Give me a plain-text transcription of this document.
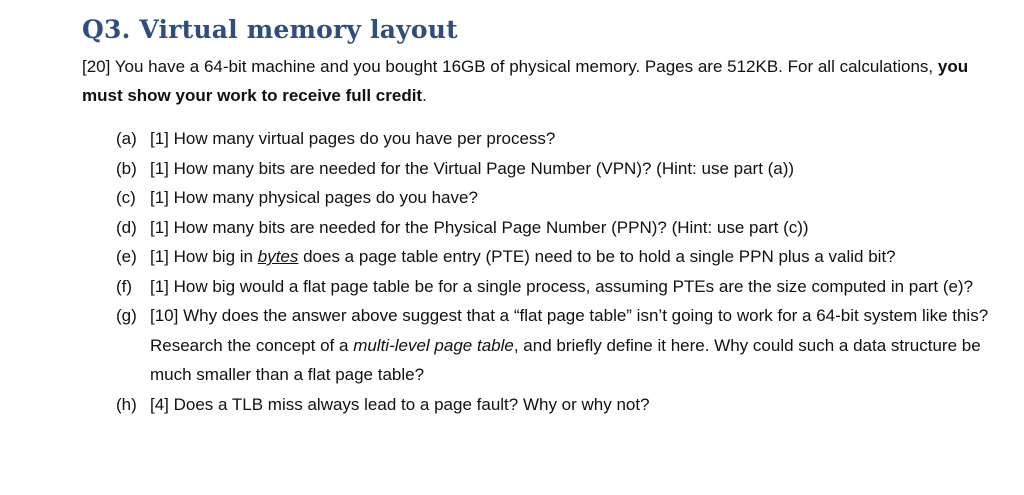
Q3. Virtual memory layout
[20] You have a 64-bit machine and you bought 16GB of physical memory. Pages are 512KB. For all calculations, you must show your work to receive full credit.
(a) [1] How many virtual pages do you have per process?
(b) [1] How many bits are needed for the Virtual Page Number (VPN)? (Hint: use part (a))
(c) [1] How many physical pages do you have?
(d) [1] How many bits are needed for the Physical Page Number (PPN)? (Hint: use part (c))
(e) [1] How big in bytes does a page table entry (PTE) need to be to hold a single PPN plus a valid bit?
(f)	[1] How big would a flat page table be for a single process, assuming PTEs are the size computed in part (e)?
(g) [10] Why does the answer above suggest that a “flat page table” isn’t going to work for a 64-bit system like this? Research the concept of a multi-level page table, and briefly define it here. Why could such a data structure be much smaller than a flat page table?
(h) [4] Does a TLB miss always lead to a page fault? Why or why not?
